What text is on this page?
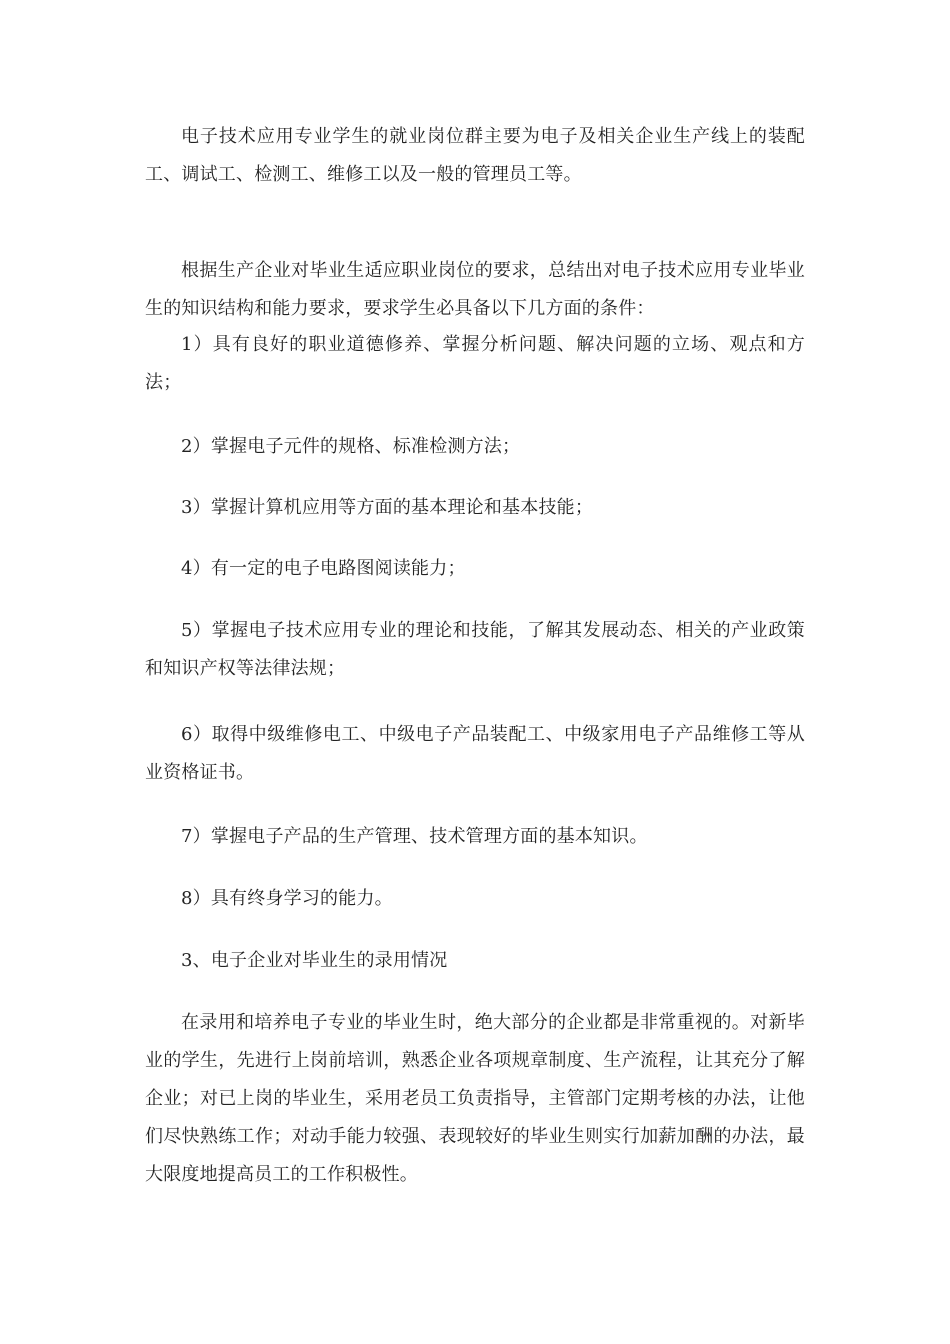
电子技术应用专业学生的就业岗位群主要为电子及相关企业生产线上的装配工、调试工、检测工、维修工以及一般的管理员工等。

根据生产企业对毕业生适应职业岗位的要求，总结出对电子技术应用专业毕业生的知识结构和能力要求，要求学生必具备以下几方面的条件：

1）具有良好的职业道德修养、掌握分析问题、解决问题的立场、观点和方法；

2）掌握电子元件的规格、标准检测方法；

3）掌握计算机应用等方面的基本理论和基本技能；

4）有一定的电子电路图阅读能力；

5）掌握电子技术应用专业的理论和技能，了解其发展动态、相关的产业政策和知识产权等法律法规；

6）取得中级维修电工、中级电子产品装配工、中级家用电子产品维修工等从业资格证书。

7）掌握电子产品的生产管理、技术管理方面的基本知识。

8）具有终身学习的能力。

3、电子企业对毕业生的录用情况

在录用和培养电子专业的毕业生时，绝大部分的企业都是非常重视的。对新毕业的学生，先进行上岗前培训，熟悉企业各项规章制度、生产流程，让其充分了解企业；对已上岗的毕业生，采用老员工负责指导，主管部门定期考核的办法，让他们尽快熟练工作；对动手能力较强、表现较好的毕业生则实行加薪加酬的办法，最大限度地提高员工的工作积极性。
